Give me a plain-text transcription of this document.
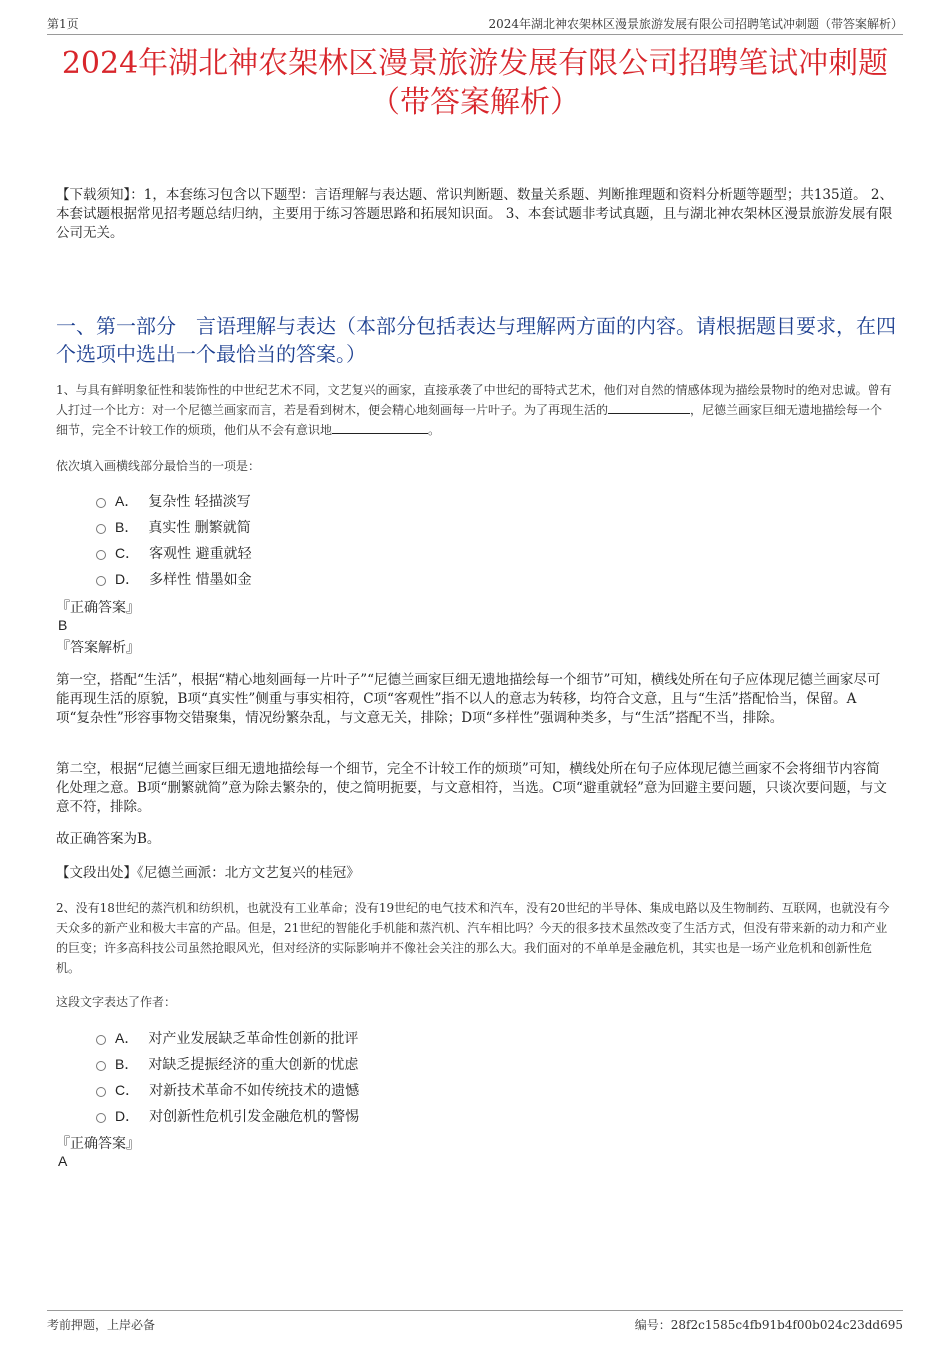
第1页	2024年湖北神农架林区漫景旅游发展有限公司招聘笔试冲刺题（带答案解析）
2024年湖北神农架林区漫景旅游发展有限公司招聘笔试冲刺题
（带答案解析）
【下载须知】：1，本套练习包含以下题型：言语理解与表达题、常识判断题、数量关系题、判断推理题和资料分析题等题型；共135道。 2、本套试题根据常见招考题总结归纳，主要用于练习答题思路和拓展知识面。 3、本套试题非考试真题，且与湖北神农架林区漫景旅游发展有限公司无关。
一、第一部分　言语理解与表达（本部分包括表达与理解两方面的内容。请根据题目要求，在四个选项中选出一个最恰当的答案。）
1、与具有鲜明象征性和装饰性的中世纪艺术不同，文艺复兴的画家，直接承袭了中世纪的哥特式艺术，他们对自然的情感体现为描绘景物时的绝对忠诚。曾有人打过一个比方：对一个尼德兰画家而言，若是看到树木，便会精心地刻画每一片叶子。为了再现生活的	，尼德兰画家巨细无遗地描绘每一个细节，完全不计较工作的烦琐，他们从不会有意识地	。
依次填入画横线部分最恰当的一项是：
A． 复杂性 轻描淡写
B． 真实性 删繁就简
C． 客观性 避重就轻
D． 多样性 惜墨如金
『正确答案』
B
『答案解析』
第一空，搭配“生活”，根据“精心地刻画每一片叶子”“尼德兰画家巨细无遗地描绘每一个细节”可知，横线处所在句子应体现尼德兰画家尽可能再现生活的原貌，B项“真实性”侧重与事实相符，C项“客观性”指不以人的意志为转移，均符合文意，且与“生活”搭配恰当，保留。A项“复杂性”形容事物交错聚集，情况纷繁杂乱，与文意无关，排除；D项“多样性”强调种类多，与“生活”搭配不当，排除。
第二空，根据“尼德兰画家巨细无遗地描绘每一个细节，完全不计较工作的烦琐”可知，横线处所在句子应体现尼德兰画家不会将细节内容简化处理之意。B项“删繁就简”意为除去繁杂的，使之简明扼要，与文意相符，当选。C项“避重就轻”意为回避主要问题，只谈次要问题，与文意不符，排除。
故正确答案为B。
【文段出处】《尼德兰画派：北方文艺复兴的桂冠》
2、没有18世纪的蒸汽机和纺织机，也就没有工业革命；没有19世纪的电气技术和汽车，没有20世纪的半导体、集成电路以及生物制药、互联网，也就没有今天众多的新产业和极大丰富的产品。但是，21世纪的智能化手机能和蒸汽机、汽车相比吗？今天的很多技术虽然改变了生活方式，但没有带来新的动力和产业的巨变；许多高科技公司虽然抢眼风光，但对经济的实际影响并不像社会关注的那么大。我们面对的不单单是金融危机，其实也是一场产业危机和创新性危机。
这段文字表达了作者：
A． 对产业发展缺乏革命性创新的批评
B． 对缺乏提振经济的重大创新的忧虑
C． 对新技术革命不如传统技术的遗憾
D． 对创新性危机引发金融危机的警惕
『正确答案』
A
考前押题，上岸必备	编号：28f2c1585c4fb91b4f00b024c23dd695
